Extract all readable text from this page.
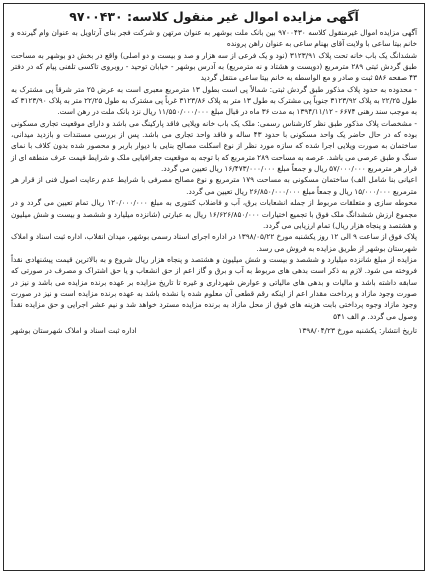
آگهی مزایده اموال غیر منقول کلاسه: ۹۷۰۰۴۳۰

آگهی مزایده اموال غیرمنقول کلاسه ۹۷۰۰۴۳۰ بین بانک ملت بوشهر به عنوان مرتهن و شرکت فجر بنای آرتاویل به عنوان وام گیرنده و خانم بیتا ساعی با ولایت آقای بهنام ساعی به عنوان راهن پرونده

ششدانگ یک باب خانه تحت پلاک ۳۱۲۳/۹۱ (نود و یک فرعی از سه هزار و صد و بیست و دو اصلی) واقع در بخش دو بوشهر به مساحت طبق گردش ثبتی ۲۸۹ مترمربع (دویست و هشتاد و نه مترمربع) به آدرس بوشهر - خیابان توحید - روبروی تاکسی تلفنی پیام که در دفتر ۴۳ صفحه ۵۸۶ ثبت و صادر و مع الواسطه به خانم بیتا ساعی منتقل گردید

- محدوده به حدود پلاک مذکور طبق گردش ثبتی: شمالاً پی است بطول ۱۳ مترمربع معبری است به عرض ۲۵ متر شرقاً پی مشترک به طول ۲۲/۲۵ به پلاک ۳۱۲۳/۹۲ جنوباً پی مشترک به طول ۱۳ متر به پلاک ۳۱۲۳/۸۶ غرباً پی مشترک به طول ۲۲/۲۵ متر به پلاک ۳۱۲۳/۹۰ که به موجب سند رهنی ۶۶۷۴ - ۱۳۹۴/۱۱/۱۲ به مدت ۳۶ ماه در قبال مبلغ ۱۱/۵۵۰/۰۰۰/۰۰۰ ریال نزد بانک ملت در رهن است.

- مشخصات پلاک مذکور طبق نظر کارشناس رسمی: ملک یک باب خانه ویلایی فاقد پارکینگ می باشد و دارای موقعیت تجاری مسکونی بوده که در حال حاضر یک واحد مسکونی با حدود ۴۳ ساله و فاقد واحد تجاری می باشد. پس از بررسی مستندات و بازدید میدانی، ساختمان به صورت ویلایی اجرا شده که سازه مورد نظر از نوع اسکلت مصالح بنایی با دیوار باربر و محصور شده بدون کلاف با نمای سنگ و طبق عرصی می باشد. عرصه به مساحت ۲۸۹ مترمربع که با توجه به موقعیت جغرافیایی ملک و شرایط قیمت عرف منطقه ای از قرار هر مترمربع ۵۷/۰۰۰/۰۰۰ ریال و جمعاً مبلغ ۱۶/۴۷۳/۰۰۰/۰۰۰ ریال تعیین می گردد.

اعیانی بنا شامل الف) ساختمان مسکونی به مساحت ۱۷۹ مترمربع و نوع مصالح مصرفی با شرایط عدم رعایت اصول فنی از قرار هر مترمربع ۱۵/۰۰۰/۰۰۰ ریال و جمعاً مبلغ ۲۶/۸۵۰/۰۰۰/۰۰۰ ریال تعیین می گردد.

محوطه سازی و متعلقات مربوط از جمله انشعابات برق، آب و فاضلاب کنتوری به مبلغ ۱۲۰/۰۰۰/۰۰۰ ریال تمام تعیین می گردد و در مجموع ارزش ششدانگ ملک فوق با تجمیع اختیارات ۱۶/۶۲۶/۸۵۰/۰۰۰ ریال به عبارتی (شانزده میلیارد و ششصد و بیست و شش میلیون و هشتصد و پنجاه هزار ریال) تمام ارزیابی می گردد.

پلاک فوق از ساعت ۹ الی ۱۲ روز یکشنبه مورخ ۱۳۹۸/۰۵/۲۲ در اداره اجرای اسناد رسمی بوشهر، میدان انقلاب، اداره ثبت اسناد و املاک شهرستان بوشهر از طریق مزایده به فروش می رسد.

مزایده از مبلغ شانزده میلیارد و ششصد و بیست و شش میلیون و هشتصد و پنجاه هزار ریال شروع و به بالاترین قیمت پیشنهادی نقداً فروخته می شود. لازم به ذکر است بدهی های مربوط به آب و برق و گاز اعم از حق انشعاب و یا حق اشتراک و مصرف در صورتی که سابقه داشته باشد و مالیات و بدهی های مالیاتی و عوارض شهرداری و غیره تا تاریخ مزایده بر عهده برنده مزایده می باشد و نیز در صورت وجود مازاد و پرداخت مقدار اعم از اینکه رقم قطعی آن معلوم شده یا نشده باشد به عهده برنده مزایده است و نیز در صورت وجود مازاد وجوه پرداختی بابت هزینه های فوق از محل مازاد به برنده مزایده مسترد خواهد شد و نیم عشر اجرایی و حق مزایده نقداً وصول می گردد. م الف ۵۴۱

تاریخ انتشار: یکشنبه مورخ ۱۳۹۸/۰۴/۲۳
اداره ثبت اسناد و املاک شهرستان بوشهر
